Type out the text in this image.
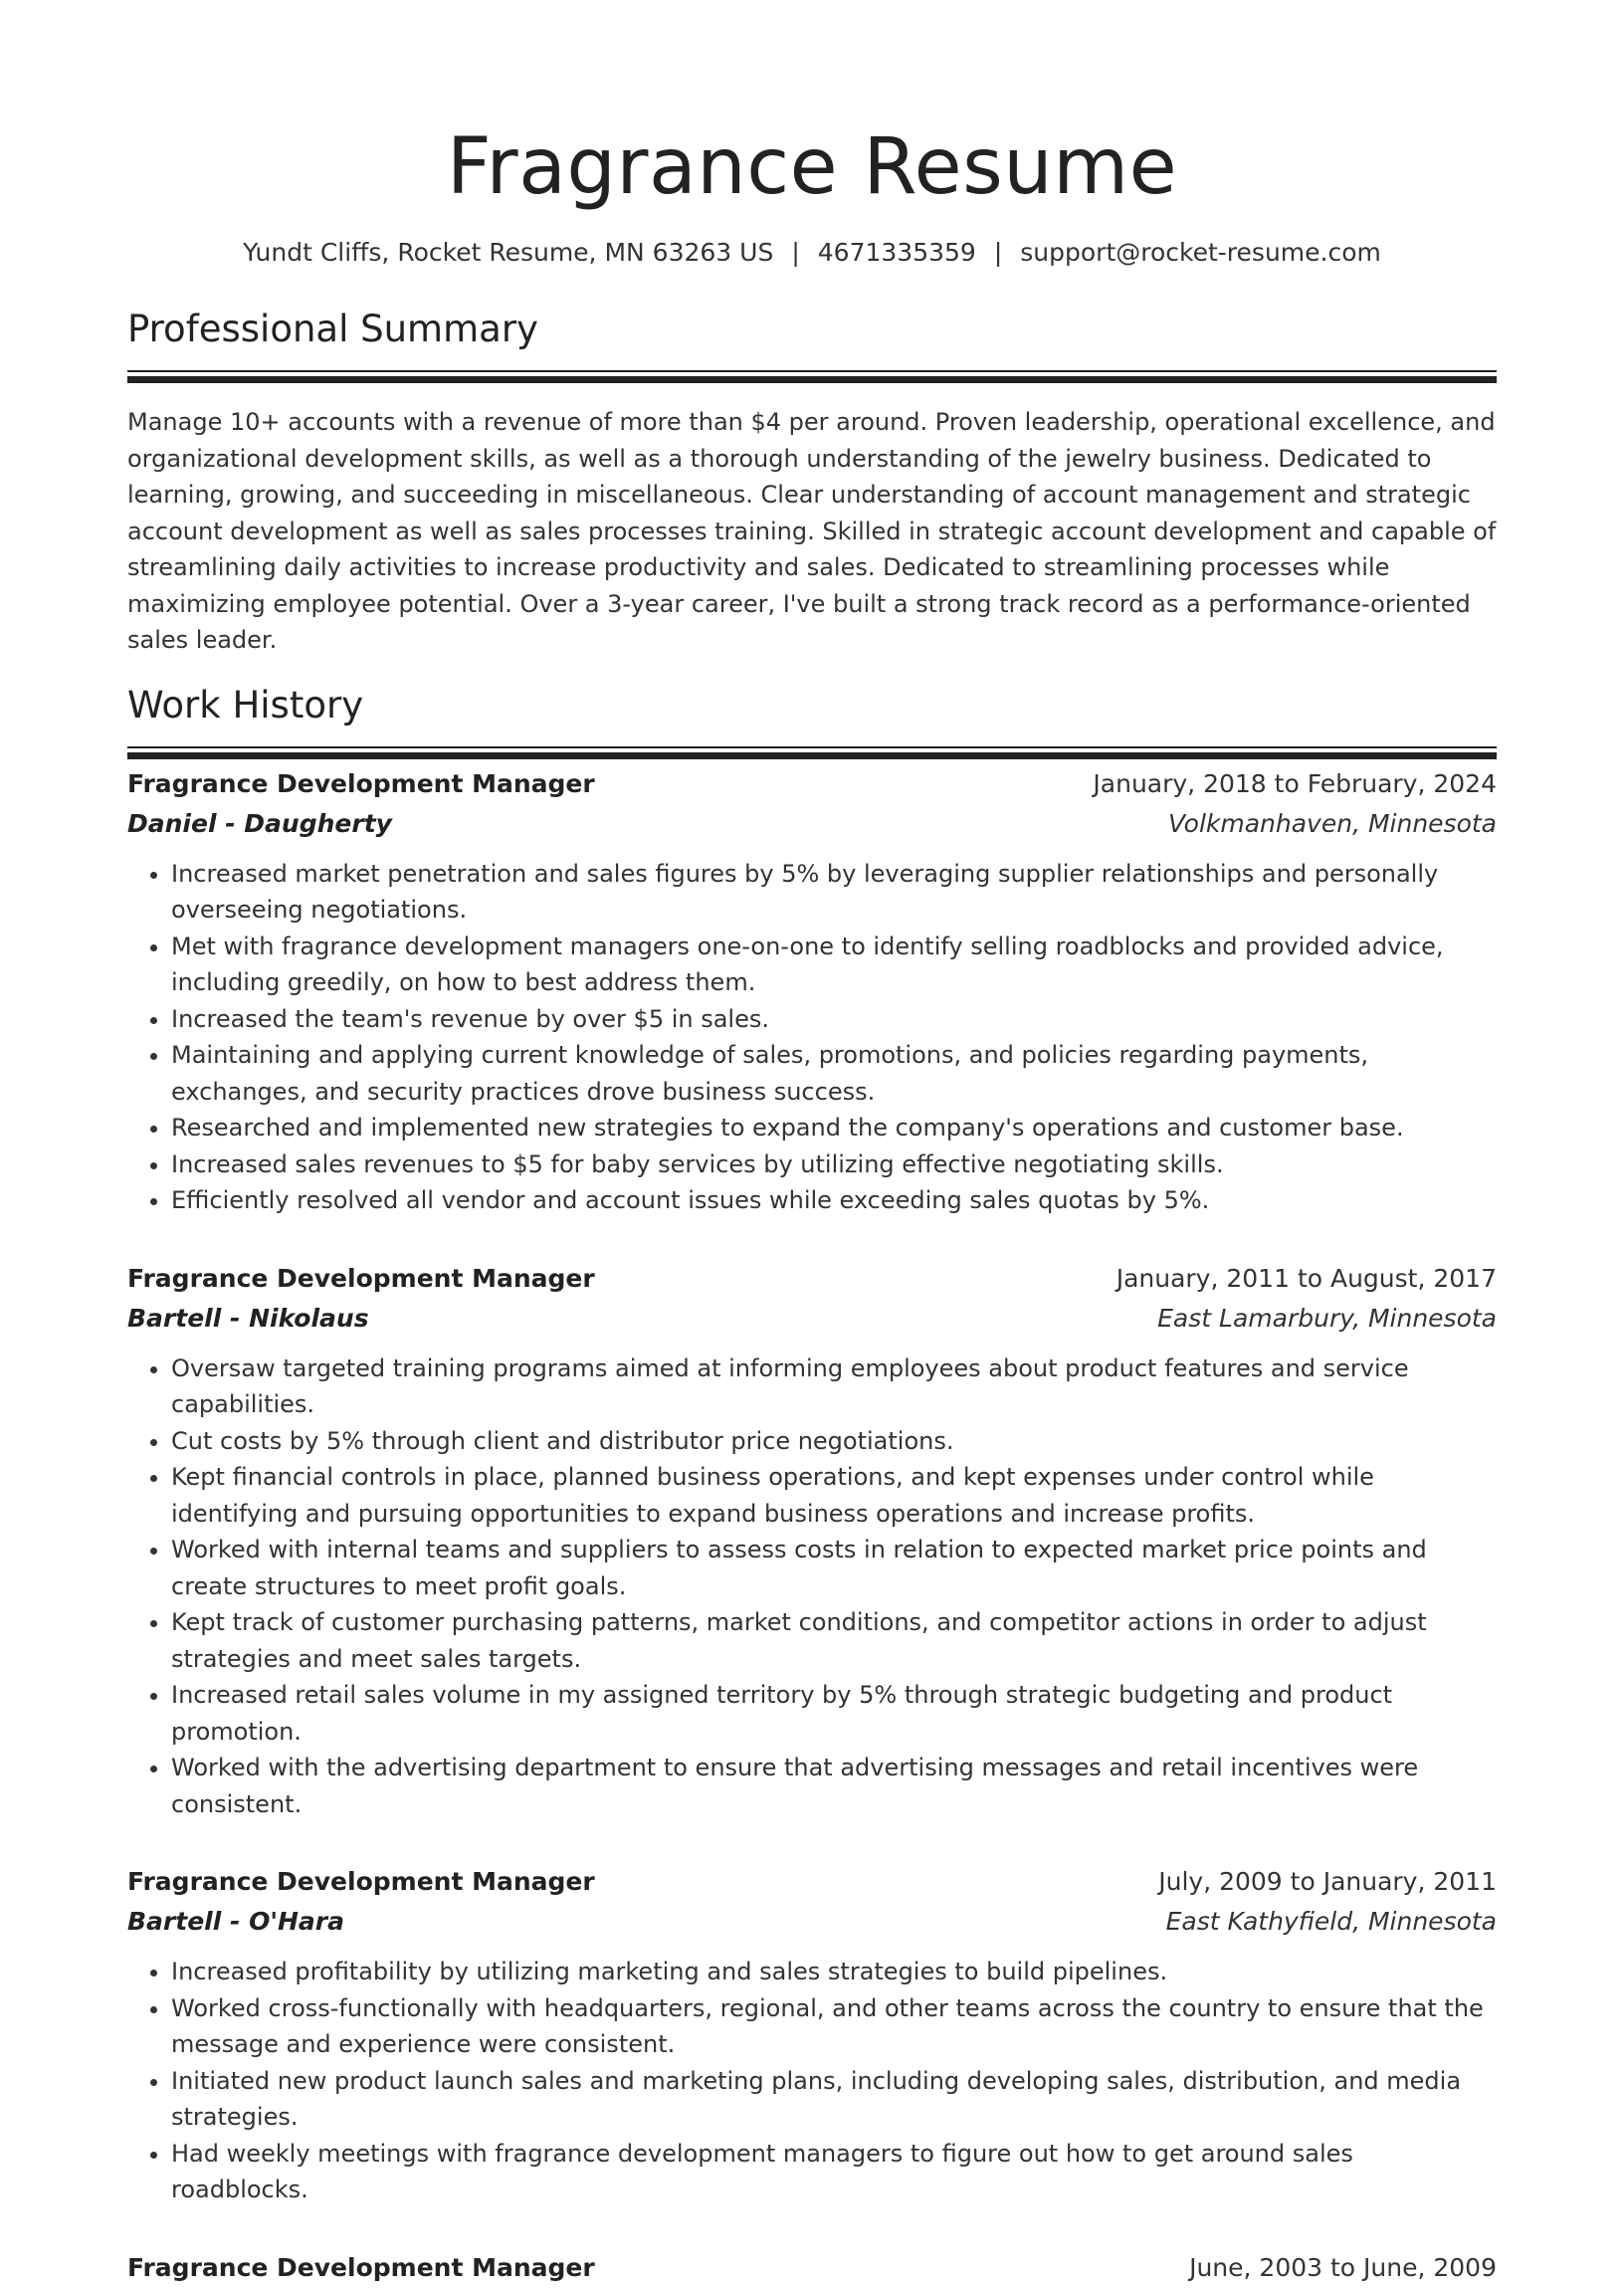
Fragrance Resume
Yundt Cliffs, Rocket Resume, MN 63263 US | 4671335359 | support@rocket-resume.com
Professional Summary

Manage 10+ accounts with a revenue of more than $4 per around. Proven leadership, operational excellence, and organizational development skills, as well as a thorough understanding of the jewelry business. Dedicated to learning, growing, and succeeding in miscellaneous. Clear understanding of account management and strategic account development as well as sales processes training. Skilled in strategic account development and capable of streamlining daily activities to increase productivity and sales. Dedicated to streamlining processes while maximizing employee potential. Over a 3-year career, I've built a strong track record as a performance-oriented sales leader.

Work History
Fragrance Development Manager	January, 2018 to February, 2024
Daniel - Daugherty	Volkmanhaven, Minnesota
• Increased market penetration and sales figures by 5% by leveraging supplier relationships and personally overseeing negotiations.
• Met with fragrance development managers one-on-one to identify selling roadblocks and provided advice, including greedily, on how to best address them.
• Increased the team's revenue by over $5 in sales.
• Maintaining and applying current knowledge of sales, promotions, and policies regarding payments, exchanges, and security practices drove business success.
• Researched and implemented new strategies to expand the company's operations and customer base.
• Increased sales revenues to $5 for baby services by utilizing effective negotiating skills.
• Efficiently resolved all vendor and account issues while exceeding sales quotas by 5%.
Fragrance Development Manager	January, 2011 to August, 2017
Bartell - Nikolaus	East Lamarbury, Minnesota
• Oversaw targeted training programs aimed at informing employees about product features and service capabilities.
• Cut costs by 5% through client and distributor price negotiations.
• Kept financial controls in place, planned business operations, and kept expenses under control while identifying and pursuing opportunities to expand business operations and increase profits.
• Worked with internal teams and suppliers to assess costs in relation to expected market price points and create structures to meet profit goals.
• Kept track of customer purchasing patterns, market conditions, and competitor actions in order to adjust strategies and meet sales targets.
• Increased retail sales volume in my assigned territory by 5% through strategic budgeting and product promotion.
• Worked with the advertising department to ensure that advertising messages and retail incentives were consistent.
Fragrance Development Manager	July, 2009 to January, 2011
Bartell - O'Hara	East Kathyfield, Minnesota
• Increased profitability by utilizing marketing and sales strategies to build pipelines.
• Worked cross-functionally with headquarters, regional, and other teams across the country to ensure that the message and experience were consistent.
• Initiated new product launch sales and marketing plans, including developing sales, distribution, and media strategies.
• Had weekly meetings with fragrance development managers to figure out how to get around sales roadblocks.
Fragrance Development Manager	June, 2003 to June, 2009
